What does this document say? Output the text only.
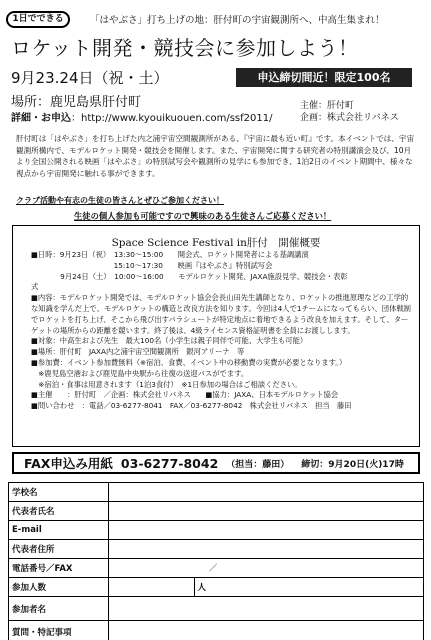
1日でできる	「はやぶさ」打ち上げの地：肝付町の宇宙観測所へ、中高生集まれ！
ロケット開発・競技会に参加しよう！
9月23.24日（祝・土）	申込締切間近！限定100名
場所：鹿児島県肝付町
詳細・お申込：http://www.kyouikuouen.com/ssf2011/
主催：肝付町
企画：株式会社リバネス
肝付町は「はやぶさ」を打ち上げた内之浦宇宙空間観測所がある、『宇宙に最も近い町』です。本イベントでは、宇宙観測所構内で、モデルロケット開発・競技会を開催します。また、宇宙開発に関する研究者の特別講演会及び、10月より全国公開される映画「はやぶさ」の特別試写会や観測所の見学にも参加でき、1泊2日のイベント期間中、様々な視点から宇宙開発に触れる事ができます。
クラブ活動や有志の生徒の皆さんとぜひご参加ください！
生徒の個人参加も可能ですので興味のある生徒さんご応募ください！
Space Science Festival in肝付　開催概要
■日時：9月23日（祝）　13:30～15:00　　開会式、ロケット開発者による基調講演
　　　　　　　　　　　 15:10～17:30　　映画『はやぶさ』特別試写会
　　　　9月24日（土）　10:00～16:00　　モデルロケット開発、JAXA施設見学、競技会・表彰
式
■内容：モデルロケット開発では、モデルロケット協会会長山田先生講師となり、ロケットの推進原理などの工学的な知識を学んだ上で、モデルロケットの構造と改良方法を知ります。今回は4人で1チームになってもらい、団体戦制でロケットを打ち上げ、そこから飛び出すパラシュートが特定地点に着地できるよう改良を加えます。そして、ターゲットの場所からの距離を競います。終了後は、4級ライセンス資格証明書を全員にお渡しします。
■対象：中高生および先生　最大100名（小学生は親子同伴で可能、大学生も可能）
■場所：肝付町　JAXA内之浦宇宙空間観測所　銀河アリーナ　等
■参加費：イベント参加費無料（※宿泊、食費、イベント中の移動費の実費が必要となります。）
　※鹿児島空港および鹿児島中央駅から往復の送迎バスがでます。
　※宿泊・食事は用意されます（1泊3食付）　※1日参加の場合はご相談ください。
■主催　　：肝付町　／企画：株式会社リバネス　　■協力：JAXA、日本モデルロケット協会
■問い合わせ　：電話／03-6277-8041　FAX／03-6277-8042　株式会社リバネス　担当　藤田
FAX申込み用紙 03-6277-8042 （担当：藤田） 締切：9月20日(火)17時
学校名		
代表者氏名		
E-mail		
代表者住所		
電話番号／FAX	／	
参加人数		人
参加者名		
質問・特記事項		
